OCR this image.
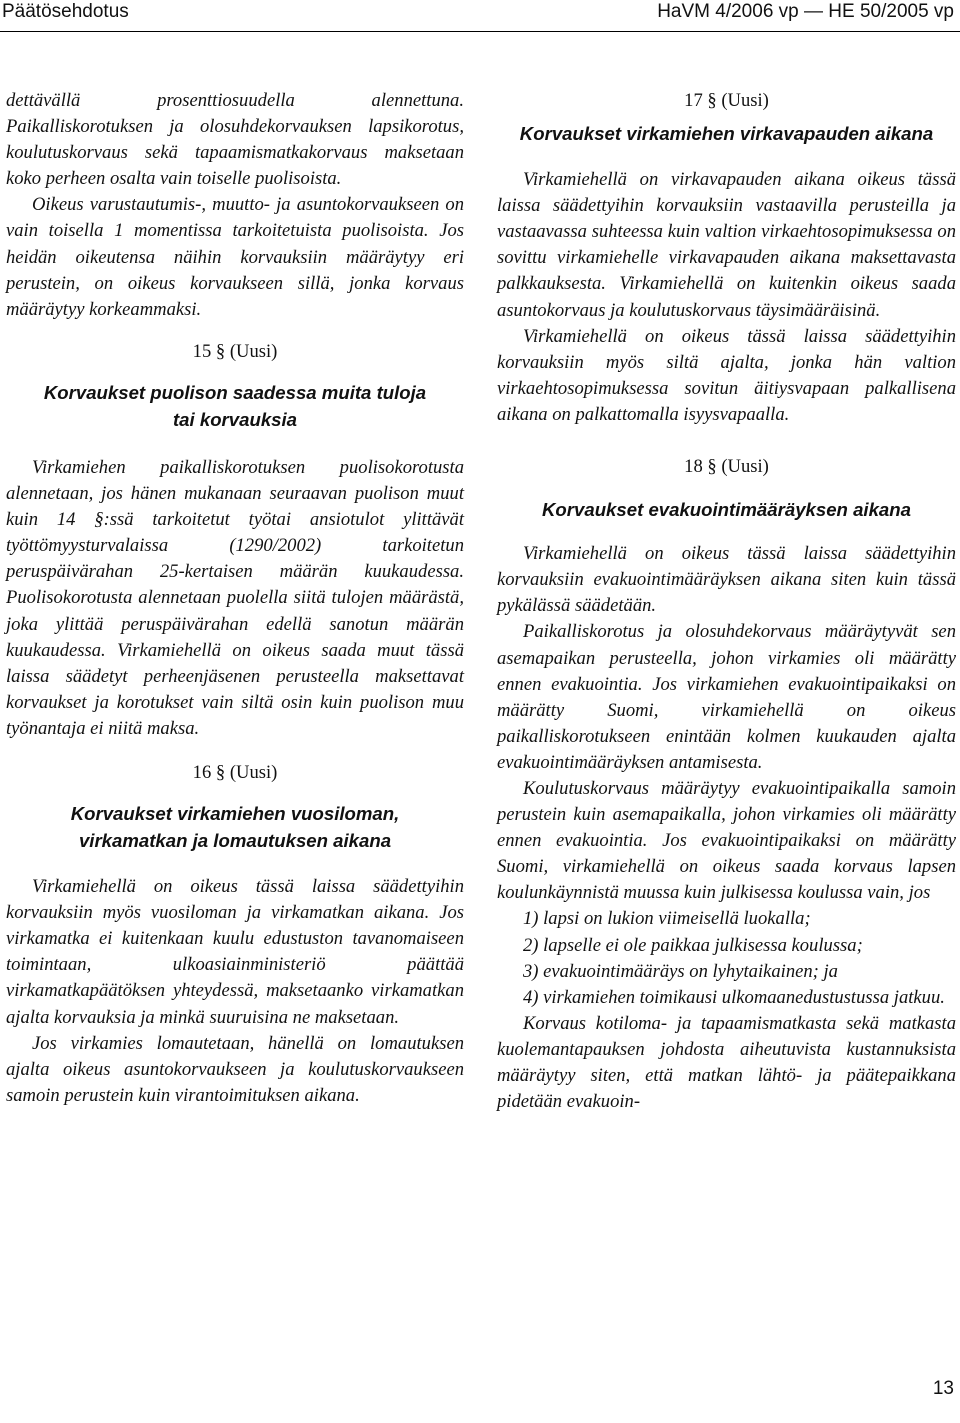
Päätösehdotus	HaVM 4/2006 vp — HE 50/2005 vp

dettävällä prosenttiosuudella alennettuna. Paikalliskorotuksen ja olosuhdekorvauksen lapsikorotus, koulutuskorvaus sekä tapaamismatkakorvaus maksetaan koko perheen osalta vain toiselle puolisoista.

Oikeus varustautumis-, muutto- ja asuntokorvaukseen on vain toisella 1 momentissa tarkoitetuista puolisoista. Jos heidän oikeutensa näihin korvauksiin määräytyy eri perustein, on oikeus korvaukseen sillä, jonka korvaus määräytyy korkeammaksi.

15 § (Uusi)

Korvaukset puolison saadessa muita tuloja tai korvauksia

Virkamiehen paikalliskorotuksen puolisokorotusta alennetaan, jos hänen mukanaan seuraavan puolison muut kuin 14 §:ssä tarkoitetut työtai ansiotulot ylittävät työttömyysturvalaissa (1290/2002) tarkoitetun peruspäivärahan 25-kertaisen määrän kuukaudessa. Puolisokorotusta alennetaan puolella siitä tulojen määrästä, joka ylittää peruspäivärahan edellä sanotun määrän kuukaudessa. Virkamiehellä on oikeus saada muut tässä laissa säädetyt perheenjäsenen perusteella maksettavat korvaukset ja korotukset vain siltä osin kuin puolison muu työnantaja ei niitä maksa.

16 § (Uusi)

Korvaukset virkamiehen vuosiloman, virkamatkan ja lomautuksen aikana

Virkamiehellä on oikeus tässä laissa säädettyihin korvauksiin myös vuosiloman ja virkamatkan aikana. Jos virkamatka ei kuitenkaan kuulu edustuston tavanomaiseen toimintaan, ulkoasiainministeriö päättää virkamatkapäätöksen yhteydessä, maksetaanko virkamatkan ajalta korvauksia ja minkä suuruisina ne maksetaan.

Jos virkamies lomautetaan, hänellä on lomautuksen ajalta oikeus asuntokorvaukseen ja koulutuskorvaukseen samoin perustein kuin virantoimituksen aikana.

17 § (Uusi)

Korvaukset virkamiehen virkavapauden aikana

Virkamiehellä on virkavapauden aikana oikeus tässä laissa säädettyihin korvauksiin vastaavilla perusteilla ja vastaavassa suhteessa kuin valtion virkaehtosopimuksessa on sovittu virkamiehelle virkavapauden aikana maksettavasta palkkauksesta. Virkamiehellä on kuitenkin oikeus saada asuntokorvaus ja koulutuskorvaus täysimääräisinä.

Virkamiehellä on oikeus tässä laissa säädettyihin korvauksiin myös siltä ajalta, jonka hän valtion virkaehtosopimuksessa sovitun äitiysvapaan palkallisena aikana on palkattomalla isyysvapaalla.

18 § (Uusi)

Korvaukset evakuointimääräyksen aikana

Virkamiehellä on oikeus tässä laissa säädettyihin korvauksiin evakuointimääräyksen aikana siten kuin tässä pykälässä säädetään.

Paikalliskorotus ja olosuhdekorvaus määräytyvät sen asemapaikan perusteella, johon virkamies oli määrätty ennen evakuointia. Jos virkamiehen evakuointipaikaksi on määrätty Suomi, virkamiehellä on oikeus paikalliskorotukseen enintään kolmen kuukauden ajalta evakuointimääräyksen antamisesta.

Koulutuskorvaus määräytyy evakuointipaikalla samoin perustein kuin asemapaikalla, johon virkamies oli määrätty ennen evakuointia. Jos evakuointipaikaksi on määrätty Suomi, virkamiehellä on oikeus saada korvaus lapsen koulunkäynnistä muussa kuin julkisessa koulussa vain, jos

1) lapsi on lukion viimeisellä luokalla;

2) lapselle ei ole paikkaa julkisessa koulussa;

3) evakuointimääräys on lyhytaikainen; ja

4) virkamiehen toimikausi ulkomaanedustustussa jatkuu.

Korvaus kotiloma- ja tapaamismatkasta sekä matkasta kuolemantapauksen johdosta aiheutuvista kustannuksista määräytyy siten, että matkan lähtö- ja päätepaikkana pidetään evakuoin-

13
